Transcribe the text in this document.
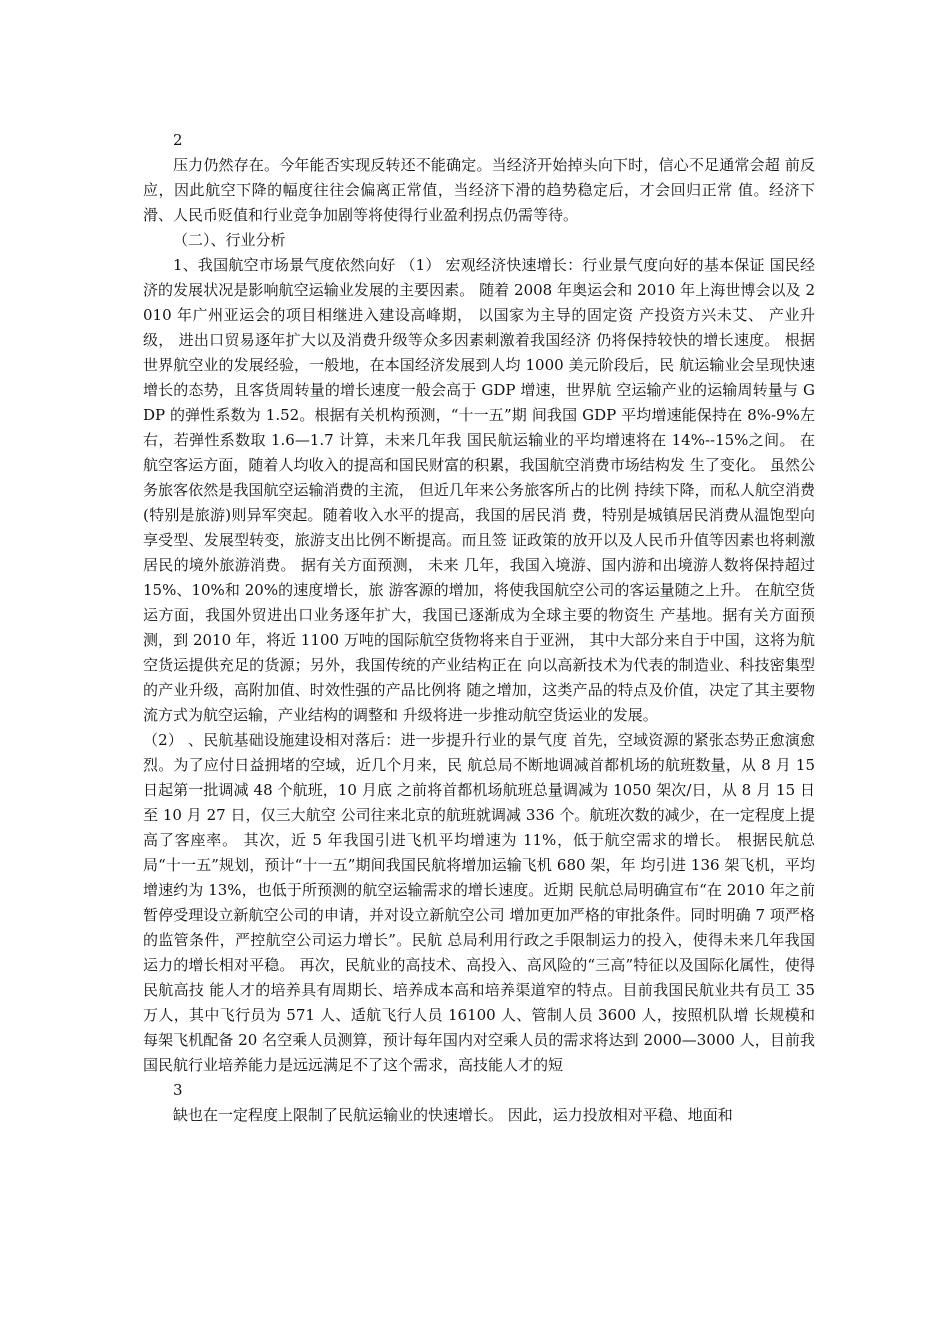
2

压力仍然存在。今年能否实现反转还不能确定。当经济开始掉头向下时，信心不足通常会超 前反应，因此航空下降的幅度往往会偏离正常值，当经济下滑的趋势稳定后，才会回归正常 值。经济下滑、人民币贬值和行业竞争加剧等将使得行业盈利拐点仍需等待。

（二）、行业分析

1、我国航空市场景气度依然向好 （1） 宏观经济快速增长：行业景气度向好的基本保证 国民经济的发展状况是影响航空运输业发展的主要因素。 随着 2008 年奥运会和 2010 年上海世博会以及 2010 年广州亚运会的项目相继进入建设高峰期， 以国家为主导的固定资 产投资方兴未艾、 产业升级， 进出口贸易逐年扩大以及消费升级等众多因素刺激着我国经济 仍将保持较快的增长速度。 根据世界航空业的发展经验，一般地，在本国经济发展到人均 1000 美元阶段后，民 航运输业会呈现快速增长的态势，且客货周转量的增长速度一般会高于 GDP 增速，世界航 空运输产业的运输周转量与 GDP 的弹性系数为 1.52。根据有关机构预测，“十一五”期 间我国 GDP 平均增速能保持在 8%-9%左右，若弹性系数取 1.6—1.7 计算，未来几年我 国民航运输业的平均增速将在 14%--15%之间。 在航空客运方面，随着人均收入的提高和国民财富的积累，我国航空消费市场结构发 生了变化。 虽然公务旅客依然是我国航空运输消费的主流， 但近几年来公务旅客所占的比例 持续下降，而私人航空消费(特别是旅游)则异军突起。随着收入水平的提高，我国的居民消 费，特别是城镇居民消费从温饱型向享受型、发展型转变，旅游支出比例不断提高。而且签 证政策的放开以及人民币升值等因素也将刺激居民的境外旅游消费。 据有关方面预测， 未来 几年，我国入境游、国内游和出境游人数将保持超过 15%、10%和 20%的速度增长，旅 游客源的增加，将使我国航空公司的客运量随之上升。 在航空货运方面，我国外贸进出口业务逐年扩大，我国已逐渐成为全球主要的物资生 产基地。据有关方面预测，到 2010 年，将近 1100 万吨的国际航空货物将来自于亚洲， 其中大部分来自于中国，这将为航空货运提供充足的货源；另外，我国传统的产业结构正在 向以高新技术为代表的制造业、科技密集型的产业升级，高附加值、时效性强的产品比例将 随之增加，这类产品的特点及价值，决定了其主要物流方式为航空运输，产业结构的调整和 升级将进一步推动航空货运业的发展。

（2） 、民航基础设施建设相对落后：进一步提升行业的景气度 首先，空域资源的紧张态势正愈演愈烈。为了应付日益拥堵的空域，近几个月来，民 航总局不断地调减首都机场的航班数量，从 8 月 15 日起第一批调减 48 个航班，10 月底 之前将首都机场航班总量调减为 1050 架次/日，从 8 月 15 日至 10 月 27 日，仅三大航空 公司往来北京的航班就调减 336 个。航班次数的减少，在一定程度上提高了客座率。 其次，近 5 年我国引进飞机平均增速为 11%，低于航空需求的增长。 根据民航总局“十一五”规划，预计“十一五”期间我国民航将增加运输飞机 680 架，年 均引进 136 架飞机，平均增速约为 13%，也低于所预测的航空运输需求的增长速度。近期 民航总局明确宣布“在 2010 年之前暂停受理设立新航空公司的申请，并对设立新航空公司 增加更加严格的审批条件。同时明确 7 项严格的监管条件，严控航空公司运力增长”。民航 总局利用行政之手限制运力的投入，使得未来几年我国运力的增长相对平稳。 再次，民航业的高技术、高投入、高风险的“三高”特征以及国际化属性，使得民航高技 能人才的培养具有周期长、培养成本高和培养渠道窄的特点。目前我国民航业共有员工 35 万人，其中飞行员为 571 人、适航飞行人员 16100 人、管制人员 3600 人，按照机队增 长规模和每架飞机配备 20 名空乘人员测算，预计每年国内对空乘人员的需求将达到 2000—3000 人，目前我国民航行业培养能力是远远满足不了这个需求，高技能人才的短

3

缺也在一定程度上限制了民航运输业的快速增长。 因此，运力投放相对平稳、地面和
